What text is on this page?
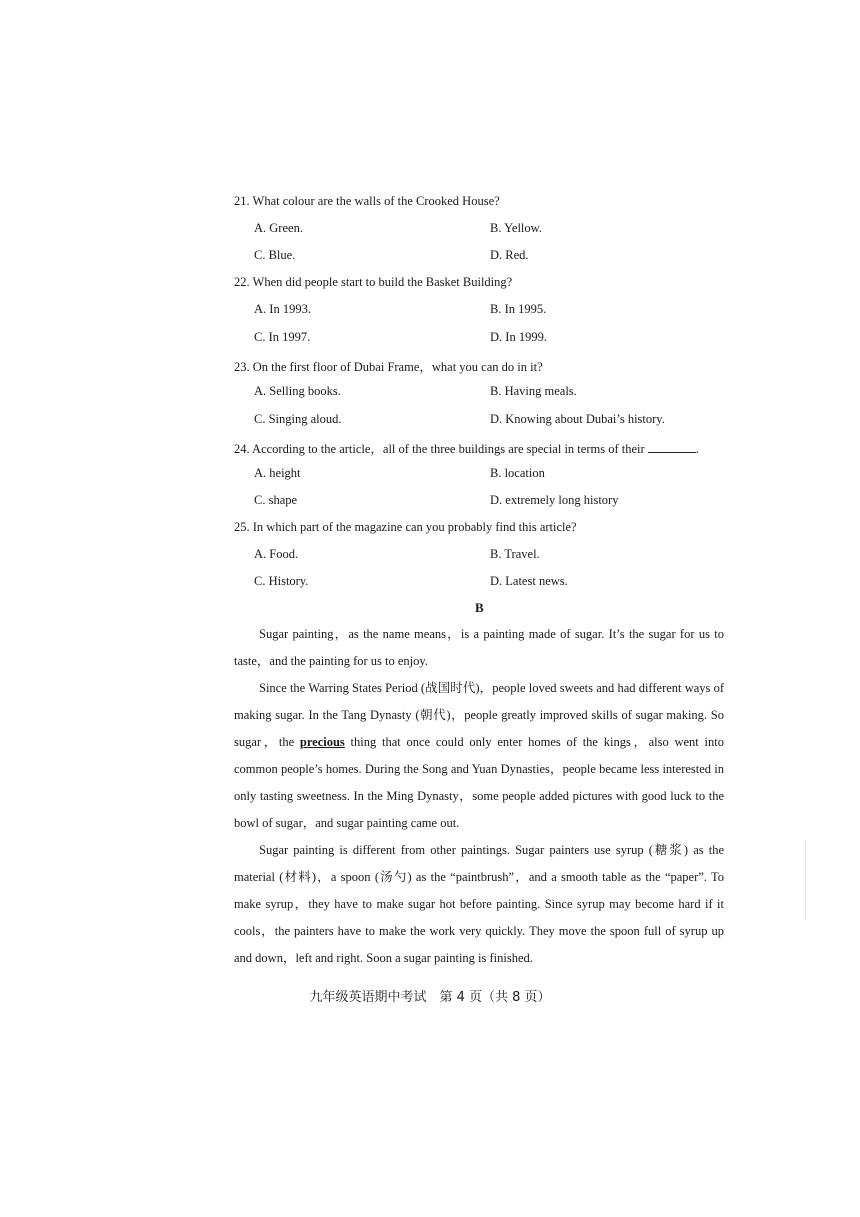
21. What colour are the walls of the Crooked House?
A. Green.	B. Yellow.
C. Blue.	D. Red.
22. When did people start to build the Basket Building?
A. In 1993.	B. In 1995.
C. In 1997.	D. In 1999.
23. On the first floor of Dubai Frame，what you can do in it?
A. Selling books.	B. Having meals.
C. Singing aloud.	D. Knowing about Dubai’s history.
24. According to the article，all of the three buildings are special in terms of their	.
A. height	B. location
C. shape	D. extremely long history
25. In which part of the magazine can you probably find this article?
A. Food.	B. Travel.
C. History.	D. Latest news.
B

Sugar painting，as the name means，is a painting made of sugar. It’s the sugar for us to taste，and the painting for us to enjoy.

Since the Warring States Period (战国时代)，people loved sweets and had different ways of making sugar. In the Tang Dynasty (朝代)，people greatly improved skills of sugar making. So sugar，the precious thing that once could only enter homes of the kings，also went into common people’s homes. During the Song and Yuan Dynasties，people became less interested in only tasting sweetness. In the Ming Dynasty，some people added pictures with good luck to the bowl of sugar，and sugar painting came out.

Sugar painting is different from other paintings. Sugar painters use syrup (糖浆) as the material (材料)，a spoon (汤勺) as the “paintbrush”，and a smooth table as the “paper”. To make syrup，they have to make sugar hot before painting. Since syrup may become hard if it cools，the painters have to make the work very quickly. They move the spoon full of syrup up and down，left and right. Soon a sugar painting is finished.

九年级英语期中考试　第 4 页（共 8 页）
